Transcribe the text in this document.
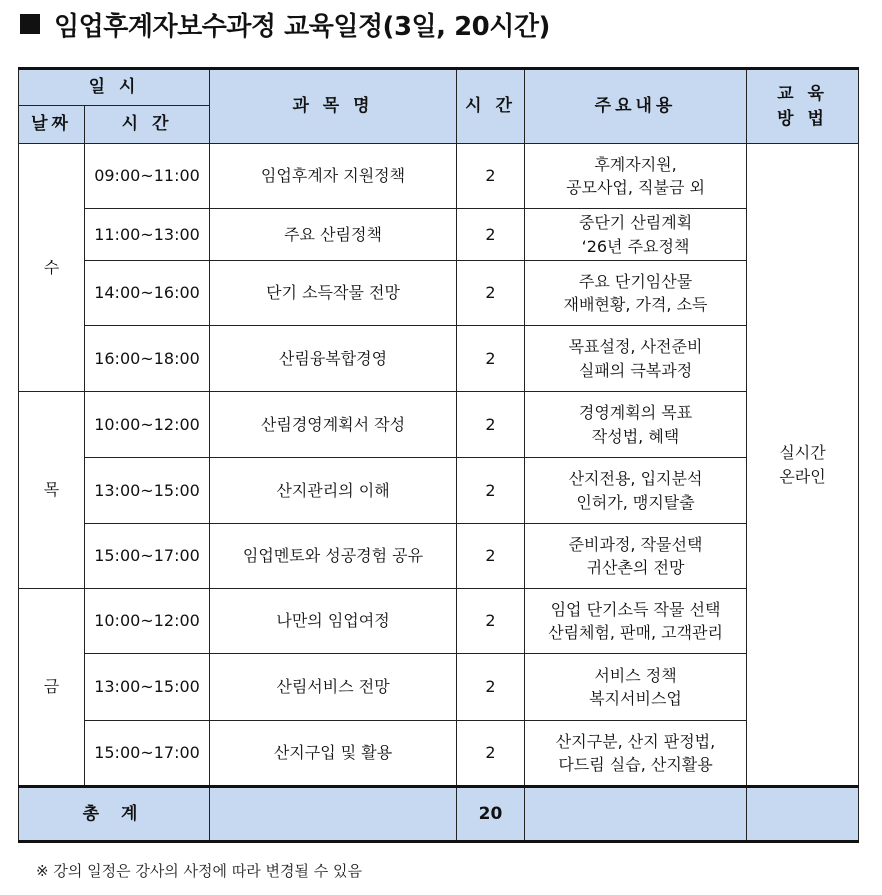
임업후계자보수과정 교육일정(3일, 20시간)
일 시		과 목 명	시 간	주요내용	교 육
방 법
날짜	시 간				
수	09:00~11:00	임업후계자 지원정책	2	후계자지원,
공모사업, 직불금 외	실시간
온라인
	11:00~13:00	주요 산림정책	2	중단기 산림계획
‘26년 주요정책	
	14:00~16:00	단기 소득작물 전망	2	주요 단기임산물
재배현황, 가격, 소득	
	16:00~18:00	산림융복합경영	2	목표설정, 사전준비
실패의 극복과정	
목	10:00~12:00	산림경영계획서 작성	2	경영계획의 목표
작성법, 혜택	
	13:00~15:00	산지관리의 이해	2	산지전용, 입지분석
인허가, 맹지탈출	
	15:00~17:00	임업멘토와 성공경험 공유	2	준비과정, 작물선택
귀산촌의 전망	
금	10:00~12:00	나만의 임업여정	2	임업 단기소득 작물 선택
산림체험, 판매, 고객관리	
	13:00~15:00	산림서비스 전망	2	서비스 정책
복지서비스업	
	15:00~17:00	산지구입 및 활용	2	산지구분, 산지 판정법,
다드림 실습, 산지활용	
총 계			20		
※ 강의 일정은 강사의 사정에 따라 변경될 수 있음
